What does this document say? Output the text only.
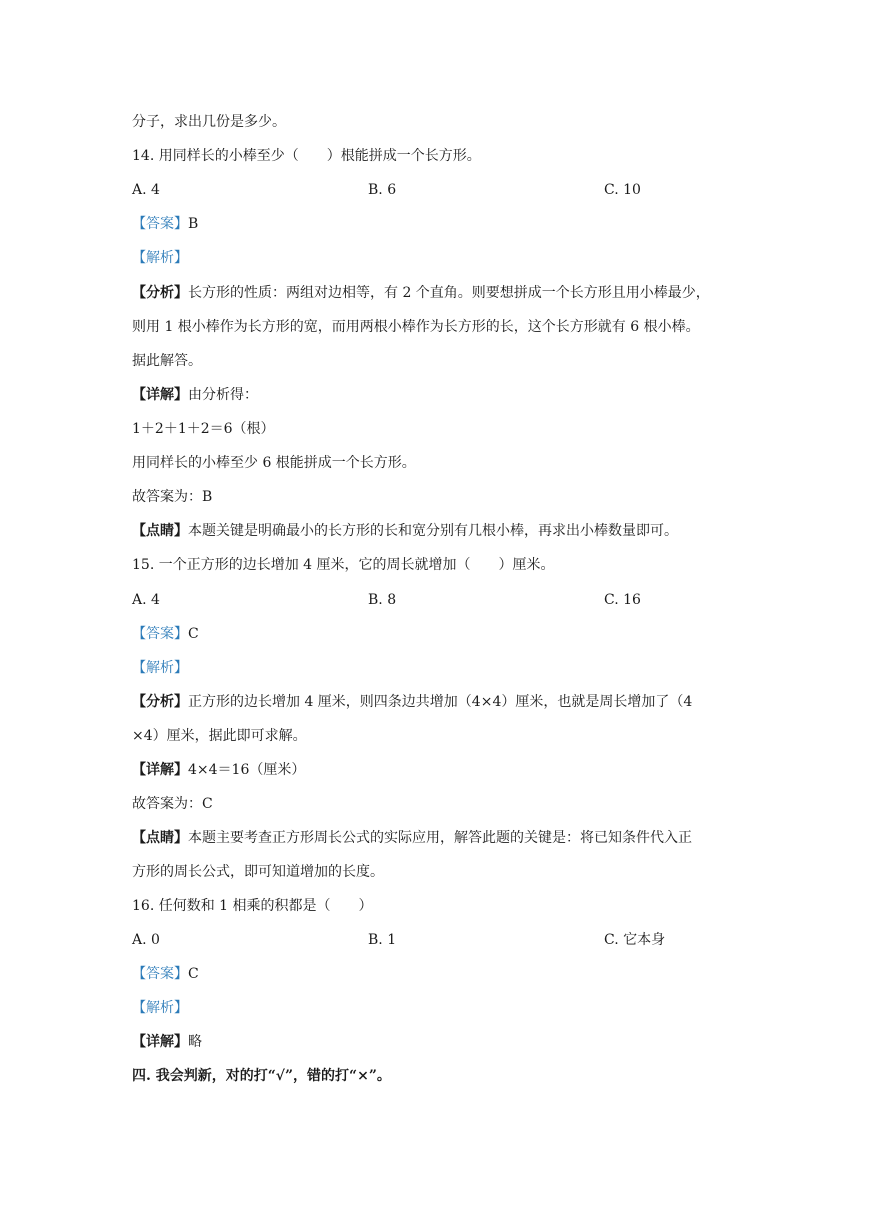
分子，求出几份是多少。
14. 用同样长的小棒至少（　　）根能拼成一个长方形。
A. 4	B. 6	C. 10
【答案】B
【解析】
【分析】长方形的性质：两组对边相等，有 2 个直角。则要想拼成一个长方形且用小棒最少，
则用 1 根小棒作为长方形的宽，而用两根小棒作为长方形的长，这个长方形就有 6 根小棒。
据此解答。
【详解】由分析得：
1＋2＋1＋2＝6（根）
用同样长的小棒至少 6 根能拼成一个长方形。
故答案为：B
【点睛】本题关键是明确最小的长方形的长和宽分别有几根小棒，再求出小棒数量即可。
15. 一个正方形的边长增加 4 厘米，它的周长就增加（　　）厘米。
A. 4	B. 8	C. 16
【答案】C
【解析】
【分析】正方形的边长增加 4 厘米，则四条边共增加（4×4）厘米，也就是周长增加了（4
×4）厘米，据此即可求解。
【详解】4×4＝16（厘米）
故答案为：C
【点睛】本题主要考查正方形周长公式的实际应用，解答此题的关键是：将已知条件代入正
方形的周长公式，即可知道增加的长度。
16. 任何数和 1 相乘的积都是（　　）
A. 0	B. 1	C. 它本身
【答案】C
【解析】
【详解】略
四. 我会判新，对的打“√”，错的打“×”。
